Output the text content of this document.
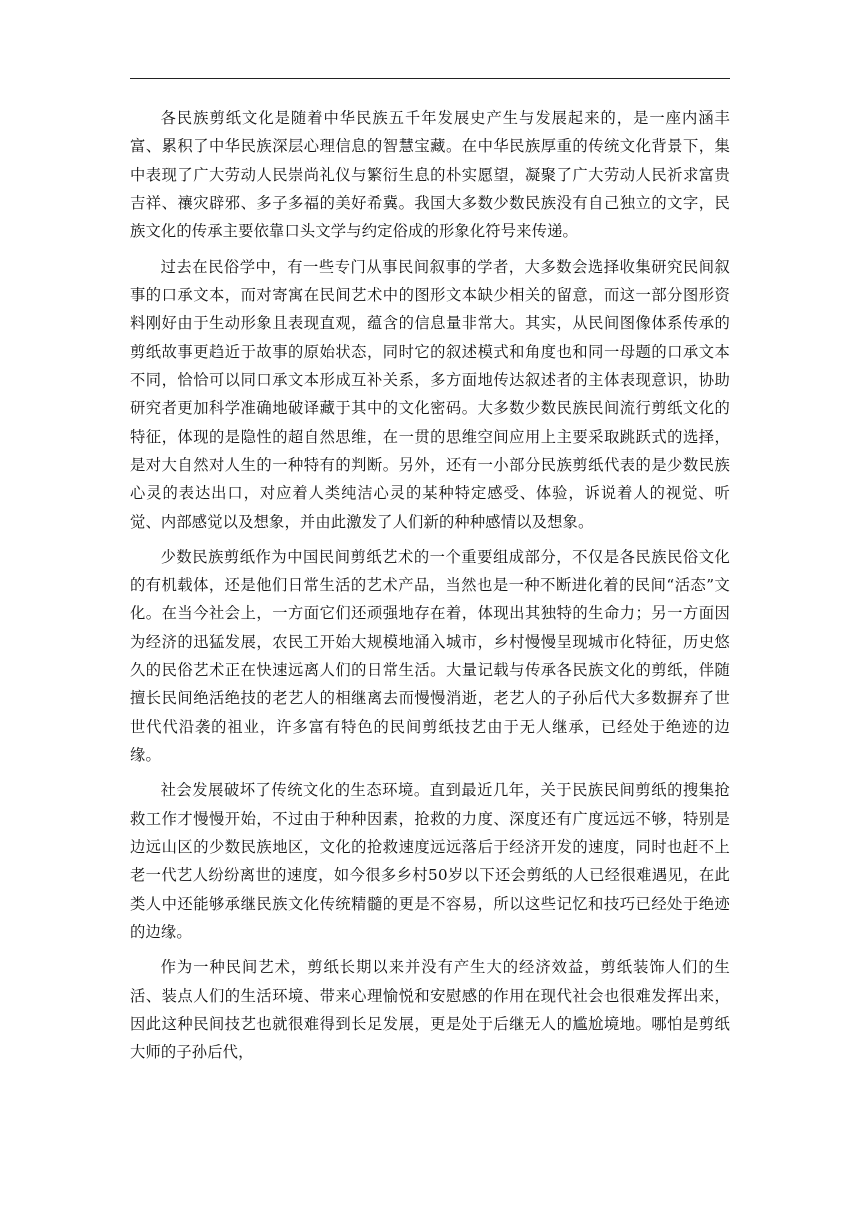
各民族剪纸文化是随着中华民族五千年发展史产生与发展起来的，是一座内涵丰富、累积了中华民族深层心理信息的智慧宝藏。在中华民族厚重的传统文化背景下，集中表现了广大劳动人民崇尚礼仪与繁衍生息的朴实愿望，凝聚了广大劳动人民祈求富贵吉祥、禳灾辟邪、多子多福的美好希冀。我国大多数少数民族没有自己独立的文字，民族文化的传承主要依靠口头文学与约定俗成的形象化符号来传递。

过去在民俗学中，有一些专门从事民间叙事的学者，大多数会选择收集研究民间叙事的口承文本，而对寄寓在民间艺术中的图形文本缺少相关的留意，而这一部分图形资料刚好由于生动形象且表现直观，蕴含的信息量非常大。其实，从民间图像体系传承的剪纸故事更趋近于故事的原始状态，同时它的叙述模式和角度也和同一母题的口承文本不同，恰恰可以同口承文本形成互补关系，多方面地传达叙述者的主体表现意识，协助研究者更加科学准确地破译藏于其中的文化密码。大多数少数民族民间流行剪纸文化的特征，体现的是隐性的超自然思维，在一贯的思维空间应用上主要采取跳跃式的选择，是对大自然对人生的一种特有的判断。另外，还有一小部分民族剪纸代表的是少数民族心灵的表达出口，对应着人类纯洁心灵的某种特定感受、体验，诉说着人的视觉、听觉、内部感觉以及想象，并由此激发了人们新的种种感情以及想象。

少数民族剪纸作为中国民间剪纸艺术的一个重要组成部分，不仅是各民族民俗文化的有机载体，还是他们日常生活的艺术产品，当然也是一种不断进化着的民间“活态”文化。在当今社会上，一方面它们还顽强地存在着，体现出其独特的生命力；另一方面因为经济的迅猛发展，农民工开始大规模地涌入城市，乡村慢慢呈现城市化特征，历史悠久的民俗艺术正在快速远离人们的日常生活。大量记载与传承各民族文化的剪纸，伴随擅长民间绝活绝技的老艺人的相继离去而慢慢消逝，老艺人的子孙后代大多数摒弃了世世代代沿袭的祖业，许多富有特色的民间剪纸技艺由于无人继承，已经处于绝迹的边缘。

社会发展破坏了传统文化的生态环境。直到最近几年，关于民族民间剪纸的搜集抢救工作才慢慢开始，不过由于种种因素，抢救的力度、深度还有广度远远不够，特别是边远山区的少数民族地区，文化的抢救速度远远落后于经济开发的速度，同时也赶不上老一代艺人纷纷离世的速度，如今很多乡村50岁以下还会剪纸的人已经很难遇见，在此类人中还能够承继民族文化传统精髓的更是不容易，所以这些记忆和技巧已经处于绝迹的边缘。

作为一种民间艺术，剪纸长期以来并没有产生大的经济效益，剪纸装饰人们的生活、装点人们的生活环境、带来心理愉悦和安慰感的作用在现代社会也很难发挥出来，因此这种民间技艺也就很难得到长足发展，更是处于后继无人的尴尬境地。哪怕是剪纸大师的子孙后代，
